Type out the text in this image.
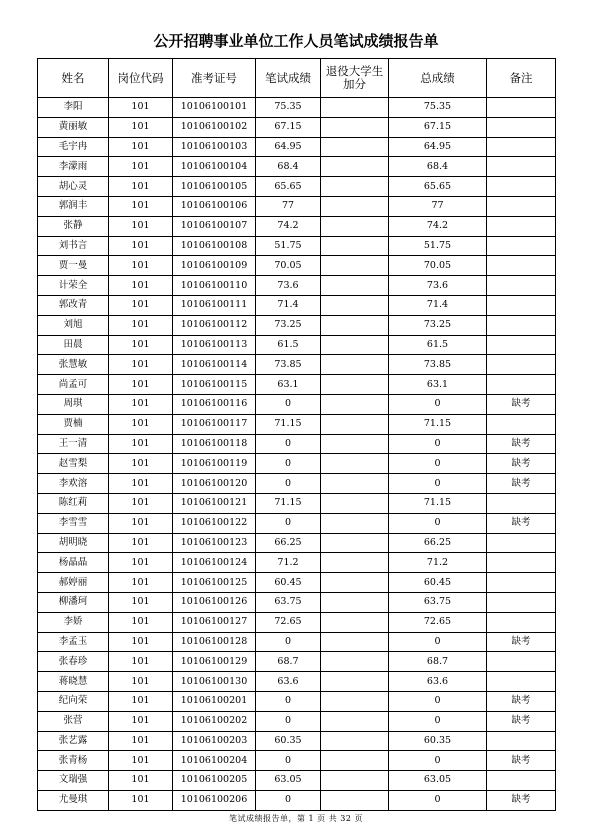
公开招聘事业单位工作人员笔试成绩报告单
姓名	岗位代码	准考证号	笔试成绩	退役大学生加分	总成绩	备注
李阳	101	10106100101	75.35		75.35	
黄丽敏	101	10106100102	67.15		67.15	
毛宇冉	101	10106100103	64.95		64.95	
李濛雨	101	10106100104	68.4		68.4	
胡心灵	101	10106100105	65.65		65.65	
郭润丰	101	10106100106	77		77	
张静	101	10106100107	74.2		74.2	
刘书言	101	10106100108	51.75		51.75	
贾一曼	101	10106100109	70.05		70.05	
计荣全	101	10106100110	73.6		73.6	
郭改青	101	10106100111	71.4		71.4	
刘旭	101	10106100112	73.25		73.25	
田晨	101	10106100113	61.5		61.5	
张慧敏	101	10106100114	73.85		73.85	
尚孟可	101	10106100115	63.1		63.1	
周琪	101	10106100116	0		0	缺考
贾楠	101	10106100117	71.15		71.15	
王一清	101	10106100118	0		0	缺考
赵雪梨	101	10106100119	0		0	缺考
李欢溶	101	10106100120	0		0	缺考
陈红莉	101	10106100121	71.15		71.15	
李雪雪	101	10106100122	0		0	缺考
胡明晓	101	10106100123	66.25		66.25	
杨晶晶	101	10106100124	71.2		71.2	
郝婷丽	101	10106100125	60.45		60.45	
柳潘珂	101	10106100126	63.75		63.75	
李娇	101	10106100127	72.65		72.65	
李孟玉	101	10106100128	0		0	缺考
张春珍	101	10106100129	68.7		68.7	
蒋晓慧	101	10106100130	63.6		63.6	
纪向荣	101	10106100201	0		0	缺考
张营	101	10106100202	0		0	缺考
张艺露	101	10106100203	60.35		60.35	
张青杨	101	10106100204	0		0	缺考
文瑞强	101	10106100205	63.05		63.05	
尤曼琪	101	10106100206	0		0	缺考
笔试成绩报告单，第 1 页 共 32 页
